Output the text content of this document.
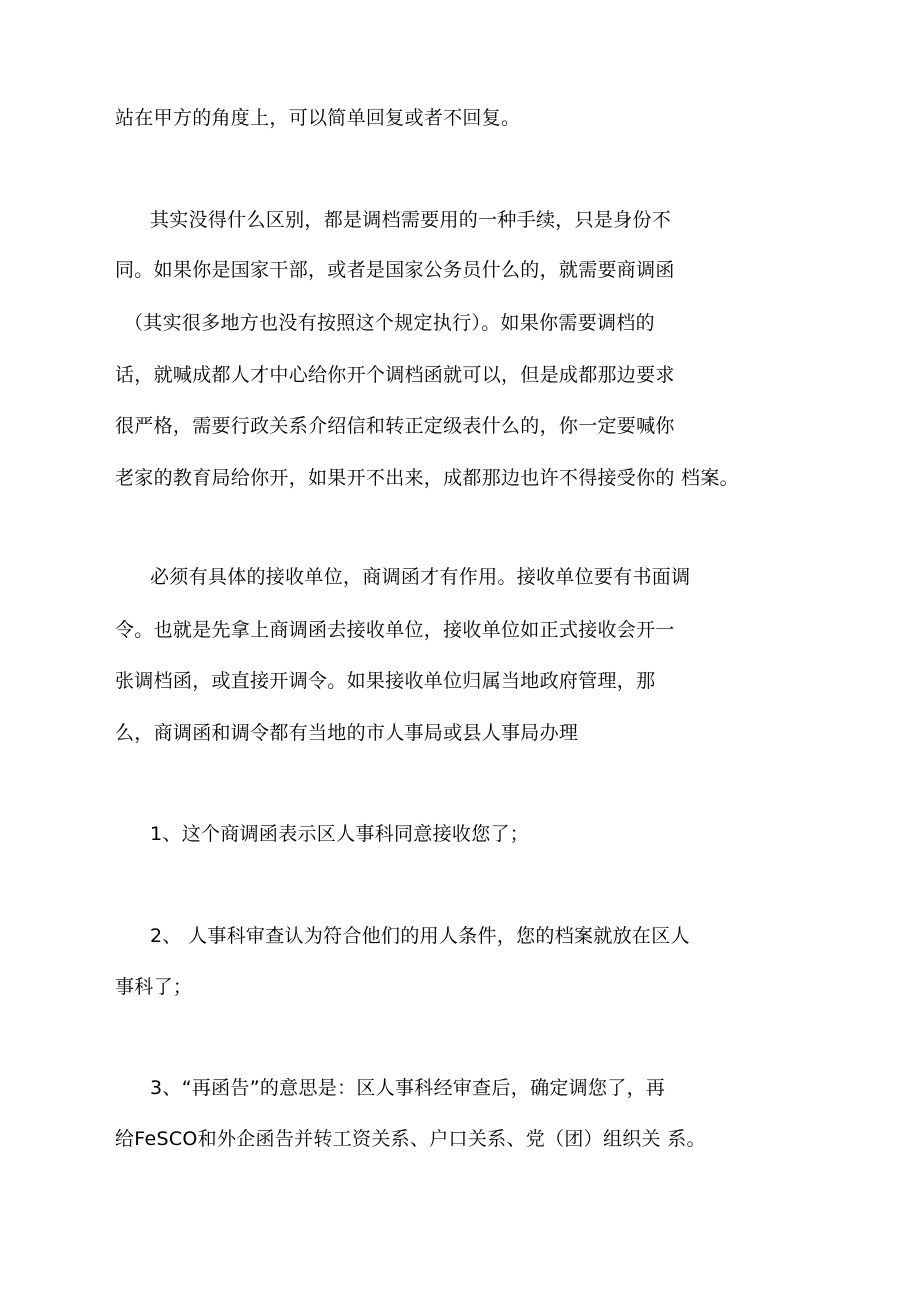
站在甲方的角度上，可以简单回复或者不回复。
其实没得什么区别，都是调档需要用的一种手续，只是身份不
同。如果你是国家干部，或者是国家公务员什么的，就需要商调函
（其实很多地方也没有按照这个规定执行）。如果你需要调档的
话，就喊成都人才中心给你开个调档函就可以，但是成都那边要求
很严格，需要行政关系介绍信和转正定级表什么的，你一定要喊你
老家的教育局给你开，如果开不出来，成都那边也许不得接受你的 档案。
必须有具体的接收单位，商调函才有作用。接收单位要有书面调
令。也就是先拿上商调函去接收单位，接收单位如正式接收会开一
张调档函，或直接开调令。如果接收单位归属当地政府管理，那
么，商调函和调令都有当地的市人事局或县人事局办理
1、这个商调函表示区人事科同意接收您了；
2、 人事科审查认为符合他们的用人条件，您的档案就放在区人
事科了；
3、“再函告”的意思是：区人事科经审查后，确定调您了，再
给FeSCO和外企函告并转工资关系、户口关系、党（团）组织关 系。
